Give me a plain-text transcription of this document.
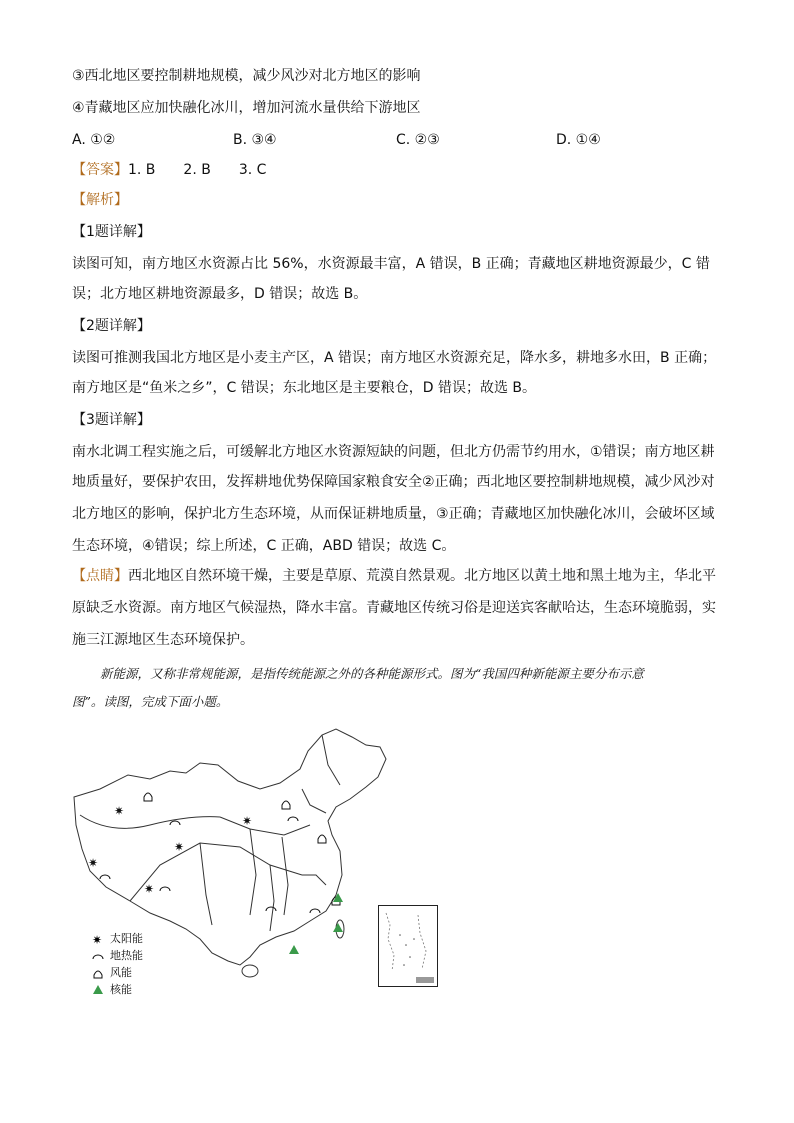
③西北地区要控制耕地规模，减少风沙对北方地区的影响
④青藏地区应加快融化冰川，增加河流水量供给下游地区
A. ①②	B. ③④	C. ②③	D. ①④
【答案】1. B　　2. B　　3. C
【解析】
【1题详解】
读图可知，南方地区水资源占比 56%，水资源最丰富，A 错误，B 正确；青藏地区耕地资源最少，C 错
误；北方地区耕地资源最多，D 错误；故选 B。
【2题详解】
读图可推测我国北方地区是小麦主产区，A 错误；南方地区水资源充足，降水多，耕地多水田，B 正确；
南方地区是“鱼米之乡”，C 错误；东北地区是主要粮仓，D 错误；故选 B。
【3题详解】
南水北调工程实施之后，可缓解北方地区水资源短缺的问题，但北方仍需节约用水，①错误；南方地区耕
地质量好，要保护农田，发挥耕地优势保障国家粮食安全②正确；西北地区要控制耕地规模，减少风沙对
北方地区的影响，保护北方生态环境，从而保证耕地质量，③正确；青藏地区加快融化冰川，会破坏区域
生态环境，④错误；综上所述，C 正确，ABD 错误；故选 C。
【点睛】西北地区自然环境干燥，主要是草原、荒漠自然景观。北方地区以黄土地和黑土地为主，华北平
原缺乏水资源。南方地区气候湿热，降水丰富。青藏地区传统习俗是迎送宾客献哈达，生态环境脆弱，实
施三江源地区生态环境保护。
新能源，又称非常规能源，是指传统能源之外的各种能源形式。图为“我国四种新能源主要分布示意
图”。读图，完成下面小题。
✷
✷
✷
✷
✷
✷ 太阳能
地热能
风能
核能
